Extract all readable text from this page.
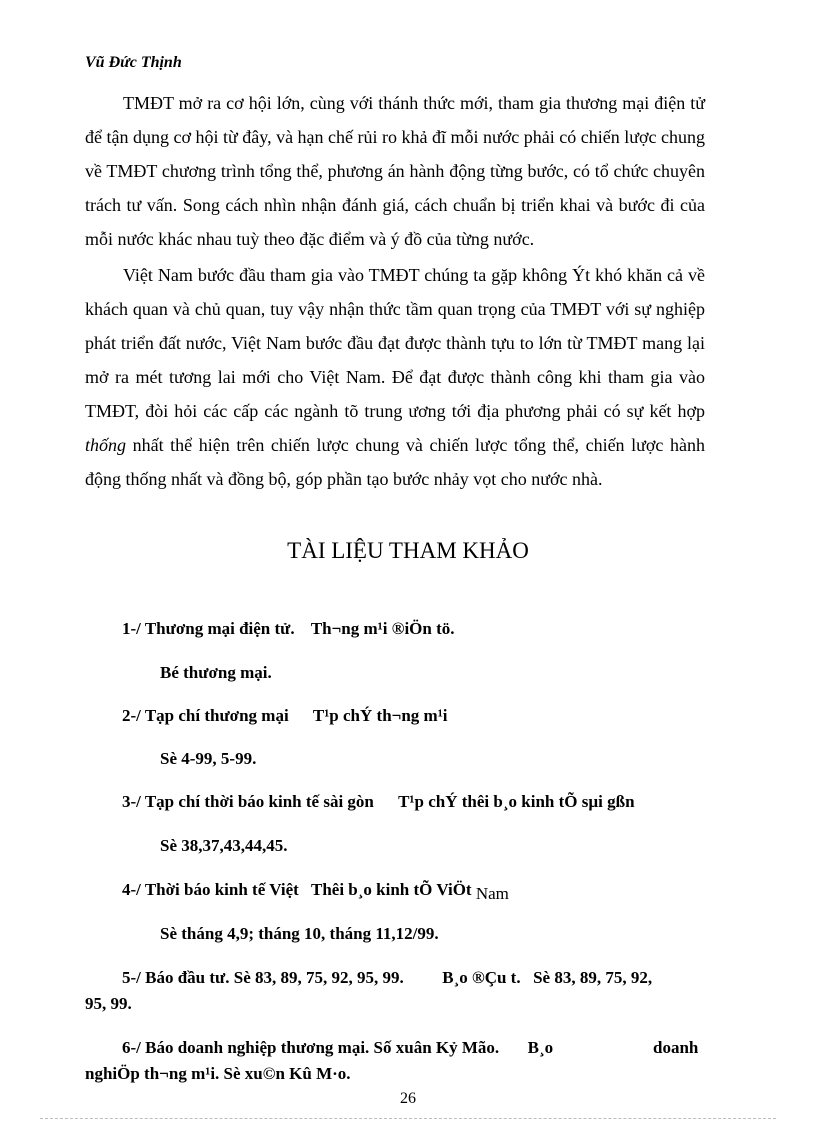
Vũ Đức Thịnh

TMĐT mở ra cơ hội lớn, cùng với thánh thức mới, tham gia thương mại điện tử để tận dụng cơ hội từ đây, và hạn chế rủi ro khả đĩ mỗi nước phải có chiến lược chung về TMĐT chương trình tổng thể, phương án hành động từng bước, có tổ chức chuyên trách tư vấn. Song cách nhìn nhận đánh giá, cách chuẩn bị triển khai và bước đi của mỗi nước khác nhau tuỳ theo đặc điểm và ý đồ của từng nước.

Việt Nam bước đầu tham gia vào TMĐT chúng ta gặp không Ýt khó khăn cả về khách quan và chủ quan, tuy vậy nhận thức tầm quan trọng của TMĐT với sự nghiệp phát triển đất nước, Việt Nam bước đầu đạt được thành tựu to lớn từ TMĐT mang lại mở ra mét tương lai mới cho Việt Nam. Để đạt được thành công khi tham gia vào TMĐT, đòi hỏi các cấp các ngành tõ trung ương tới địa phương phải có sự kết hợp thống nhất thể hiện trên chiến lược chung và chiến lược tổng thể, chiến lược hành động thống nhất và đồng bộ, góp phần tạo bước nhảy vọt cho nước nhà.

TÀI LIỆU THAM KHẢO
1-/ Thương mại điện tử. Th¬ng m¹i ®iÖn tö.
Bé thương mại.
2-/ Tạp chí thương mại T¹p chÝ th¬ng m¹i
Sè 4-99, 5-99.
3-/ Tạp chí thời báo kinh tế sài gòn T¹p chÝ thêi b¸o kinh tÕ sµi gßn
Sè 38,37,43,44,45.
4-/ Thời báo kinh tế Việt Thêi b¸o kinh tÕ ViÖt Nam
Sè tháng 4,9; tháng 10, tháng 11,12/99.
5-/ Báo đầu tư. Sè 83, 89, 75, 92, 95, 99. B¸o ®Çu t. Sè 83, 89, 75, 92,
95, 99.
6-/ Báo doanh nghiệp thương mại. Số xuân Kỷ Mão. B¸o	doanh
nghiÖp th¬ng m¹i. Sè xu©n Kû M·o.
26
